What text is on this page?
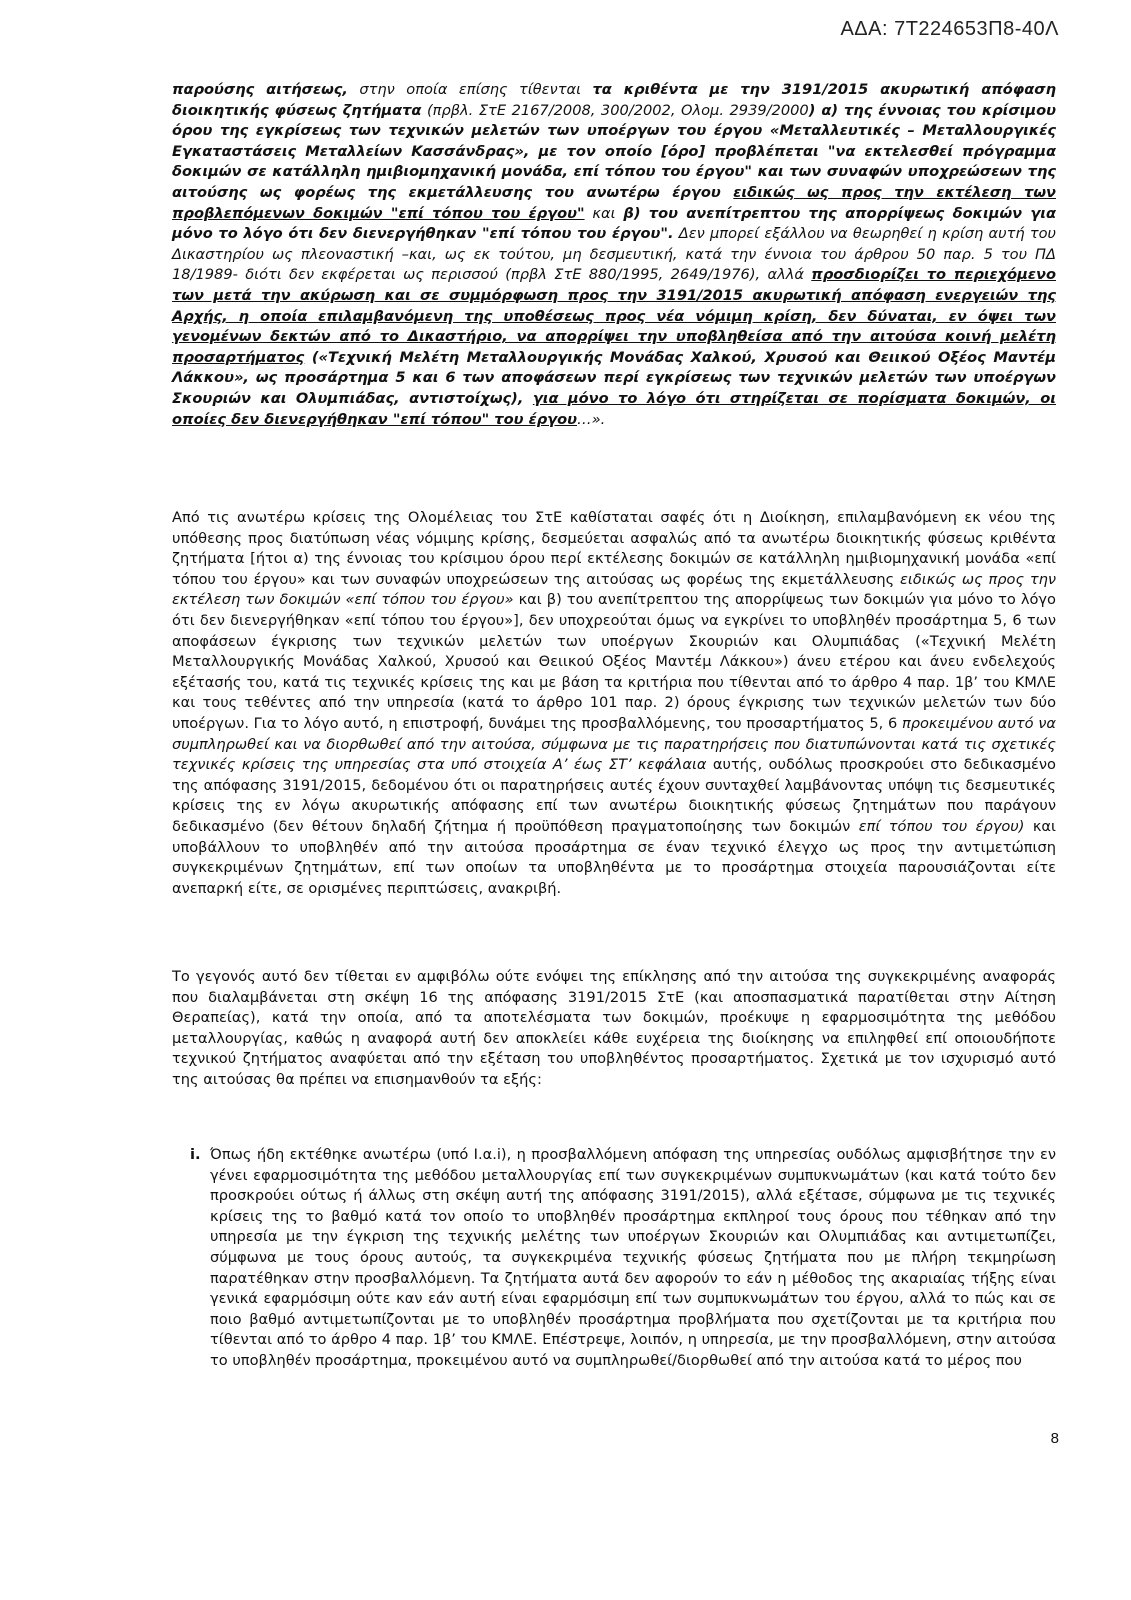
ΑΔΑ: 7Τ224653Π8-40Λ
παρούσης αιτήσεως, στην οποία επίσης τίθενται τα κριθέντα με την 3191/2015 ακυρωτική απόφαση διοικητικής φύσεως ζητήματα (πρβλ. ΣτΕ 2167/2008, 300/2002, Ολομ. 2939/2000) α) της έννοιας του κρίσιμου όρου της εγκρίσεως των τεχνικών μελετών των υποέργων του έργου «Μεταλλευτικές – Μεταλλουργικές Εγκαταστάσεις Μεταλλείων Κασσάνδρας», με τον οποίο [όρο] προβλέπεται "να εκτελεσθεί πρόγραμμα δοκιμών σε κατάλληλη ημιβιομηχανική μονάδα, επί τόπου του έργου" και των συναφών υποχρεώσεων της αιτούσης ως φορέως της εκμετάλλευσης του ανωτέρω έργου ειδικώς ως προς την εκτέλεση των προβλεπόμενων δοκιμών "επί τόπου του έργου" και β) του ανεπίτρεπτου της απορρίψεως δοκιμών για μόνο το λόγο ότι δεν διενεργήθηκαν "επί τόπου του έργου". Δεν μπορεί εξάλλου να θεωρηθεί η κρίση αυτή του Δικαστηρίου ως πλεοναστική –και, ως εκ τούτου, μη δεσμευτική, κατά την έννοια του άρθρου 50 παρ. 5 του ΠΔ 18/1989- διότι δεν εκφέρεται ως περισσού (πρβλ ΣτΕ 880/1995, 2649/1976), αλλά προσδιορίζει το περιεχόμενο των μετά την ακύρωση και σε συμμόρφωση προς την 3191/2015 ακυρωτική απόφαση ενεργειών της Αρχής, η οποία επιλαμβανόμενη της υποθέσεως προς νέα νόμιμη κρίση, δεν δύναται, εν όψει των γενομένων δεκτών από το Δικαστήριο, να απορρίψει την υποβληθείσα από την αιτούσα κοινή μελέτη προσαρτήματος («Τεχνική Μελέτη Μεταλλουργικής Μονάδας Χαλκού, Χρυσού και Θειικού Οξέος Μαντέμ Λάκκου», ως προσάρτημα 5 και 6 των αποφάσεων περί εγκρίσεως των τεχνικών μελετών των υποέργων Σκουριών και Ολυμπιάδας, αντιστοίχως), για μόνο το λόγο ότι στηρίζεται σε πορίσματα δοκιμών, οι οποίες δεν διενεργήθηκαν "επί τόπου" του έργου…».
Από τις ανωτέρω κρίσεις της Ολομέλειας του ΣτΕ καθίσταται σαφές ότι η Διοίκηση, επιλαμβανόμενη εκ νέου της υπόθεσης προς διατύπωση νέας νόμιμης κρίσης, δεσμεύεται ασφαλώς από τα ανωτέρω διοικητικής φύσεως κριθέντα ζητήματα [ήτοι α) της έννοιας του κρίσιμου όρου περί εκτέλεσης δοκιμών σε κατάλληλη ημιβιομηχανική μονάδα «επί τόπου του έργου» και των συναφών υποχρεώσεων της αιτούσας ως φορέως της εκμετάλλευσης ειδικώς ως προς την εκτέλεση των δοκιμών «επί τόπου του έργου» και β) του ανεπίτρεπτου της απορρίψεως των δοκιμών για μόνο το λόγο ότι δεν διενεργήθηκαν «επί τόπου του έργου»], δεν υποχρεούται όμως να εγκρίνει το υποβληθέν προσάρτημα 5, 6 των αποφάσεων έγκρισης των τεχνικών μελετών των υποέργων Σκουριών και Ολυμπιάδας («Τεχνική Μελέτη Μεταλλουργικής Μονάδας Χαλκού, Χρυσού και Θειικού Οξέος Μαντέμ Λάκκου») άνευ ετέρου και άνευ ενδελεχούς εξέτασής του, κατά τις τεχνικές κρίσεις της και με βάση τα κριτήρια που τίθενται από το άρθρο 4 παρ. 1β’ του ΚΜΛΕ και τους τεθέντες από την υπηρεσία (κατά το άρθρο 101 παρ. 2) όρους έγκρισης των τεχνικών μελετών των δύο υποέργων. Για το λόγο αυτό, η επιστροφή, δυνάμει της προσβαλλόμενης, του προσαρτήματος 5, 6 προκειμένου αυτό να συμπληρωθεί και να διορθωθεί από την αιτούσα, σύμφωνα με τις παρατηρήσεις που διατυπώνονται κατά τις σχετικές τεχνικές κρίσεις της υπηρεσίας στα υπό στοιχεία Α’ έως ΣΤ’ κεφάλαια αυτής, ουδόλως προσκρούει στο δεδικασμένο της απόφασης 3191/2015, δεδομένου ότι οι παρατηρήσεις αυτές έχουν συνταχθεί λαμβάνοντας υπόψη τις δεσμευτικές κρίσεις της εν λόγω ακυρωτικής απόφασης επί των ανωτέρω διοικητικής φύσεως ζητημάτων που παράγουν δεδικασμένο (δεν θέτουν δηλαδή ζήτημα ή προϋπόθεση πραγματοποίησης των δοκιμών επί τόπου του έργου) και υποβάλλουν το υποβληθέν από την αιτούσα προσάρτημα σε έναν τεχνικό έλεγχο ως προς την αντιμετώπιση συγκεκριμένων ζητημάτων, επί των οποίων τα υποβληθέντα με το προσάρτημα στοιχεία παρουσιάζονται είτε ανεπαρκή είτε, σε ορισμένες περιπτώσεις, ανακριβή.
Το γεγονός αυτό δεν τίθεται εν αμφιβόλω ούτε ενόψει της επίκλησης από την αιτούσα της συγκεκριμένης αναφοράς που διαλαμβάνεται στη σκέψη 16 της απόφασης 3191/2015 ΣτΕ (και αποσπασματικά παρατίθεται στην Αίτηση Θεραπείας), κατά την οποία, από τα αποτελέσματα των δοκιμών, προέκυψε η εφαρμοσιμότητα της μεθόδου μεταλλουργίας, καθώς η αναφορά αυτή δεν αποκλείει κάθε ευχέρεια της διοίκησης να επιληφθεί επί οποιουδήποτε τεχνικού ζητήματος αναφύεται από την εξέταση του υποβληθέντος προσαρτήματος. Σχετικά με τον ισχυρισμό αυτό της αιτούσας θα πρέπει να επισημανθούν τα εξής:
i. Όπως ήδη εκτέθηκε ανωτέρω (υπό Ι.α.i), η προσβαλλόμενη απόφαση της υπηρεσίας ουδόλως αμφισβήτησε την εν γένει εφαρμοσιμότητα της μεθόδου μεταλλουργίας επί των συγκεκριμένων συμπυκνωμάτων (και κατά τούτο δεν προσκρούει ούτως ή άλλως στη σκέψη αυτή της απόφασης 3191/2015), αλλά εξέτασε, σύμφωνα με τις τεχνικές κρίσεις της το βαθμό κατά τον οποίο το υποβληθέν προσάρτημα εκπληροί τους όρους που τέθηκαν από την υπηρεσία με την έγκριση της τεχνικής μελέτης των υποέργων Σκουριών και Ολυμπιάδας και αντιμετωπίζει, σύμφωνα με τους όρους αυτούς, τα συγκεκριμένα τεχνικής φύσεως ζητήματα που με πλήρη τεκμηρίωση παρατέθηκαν στην προσβαλλόμενη. Τα ζητήματα αυτά δεν αφορούν το εάν η μέθοδος της ακαριαίας τήξης είναι γενικά εφαρμόσιμη ούτε καν εάν αυτή είναι εφαρμόσιμη επί των συμπυκνωμάτων του έργου, αλλά το πώς και σε ποιο βαθμό αντιμετωπίζονται με το υποβληθέν προσάρτημα προβλήματα που σχετίζονται με τα κριτήρια που τίθενται από το άρθρο 4 παρ. 1β’ του ΚΜΛΕ. Επέστρεψε, λοιπόν, η υπηρεσία, με την προσβαλλόμενη, στην αιτούσα το υποβληθέν προσάρτημα, προκειμένου αυτό να συμπληρωθεί/διορθωθεί από την αιτούσα κατά το μέρος που
8
